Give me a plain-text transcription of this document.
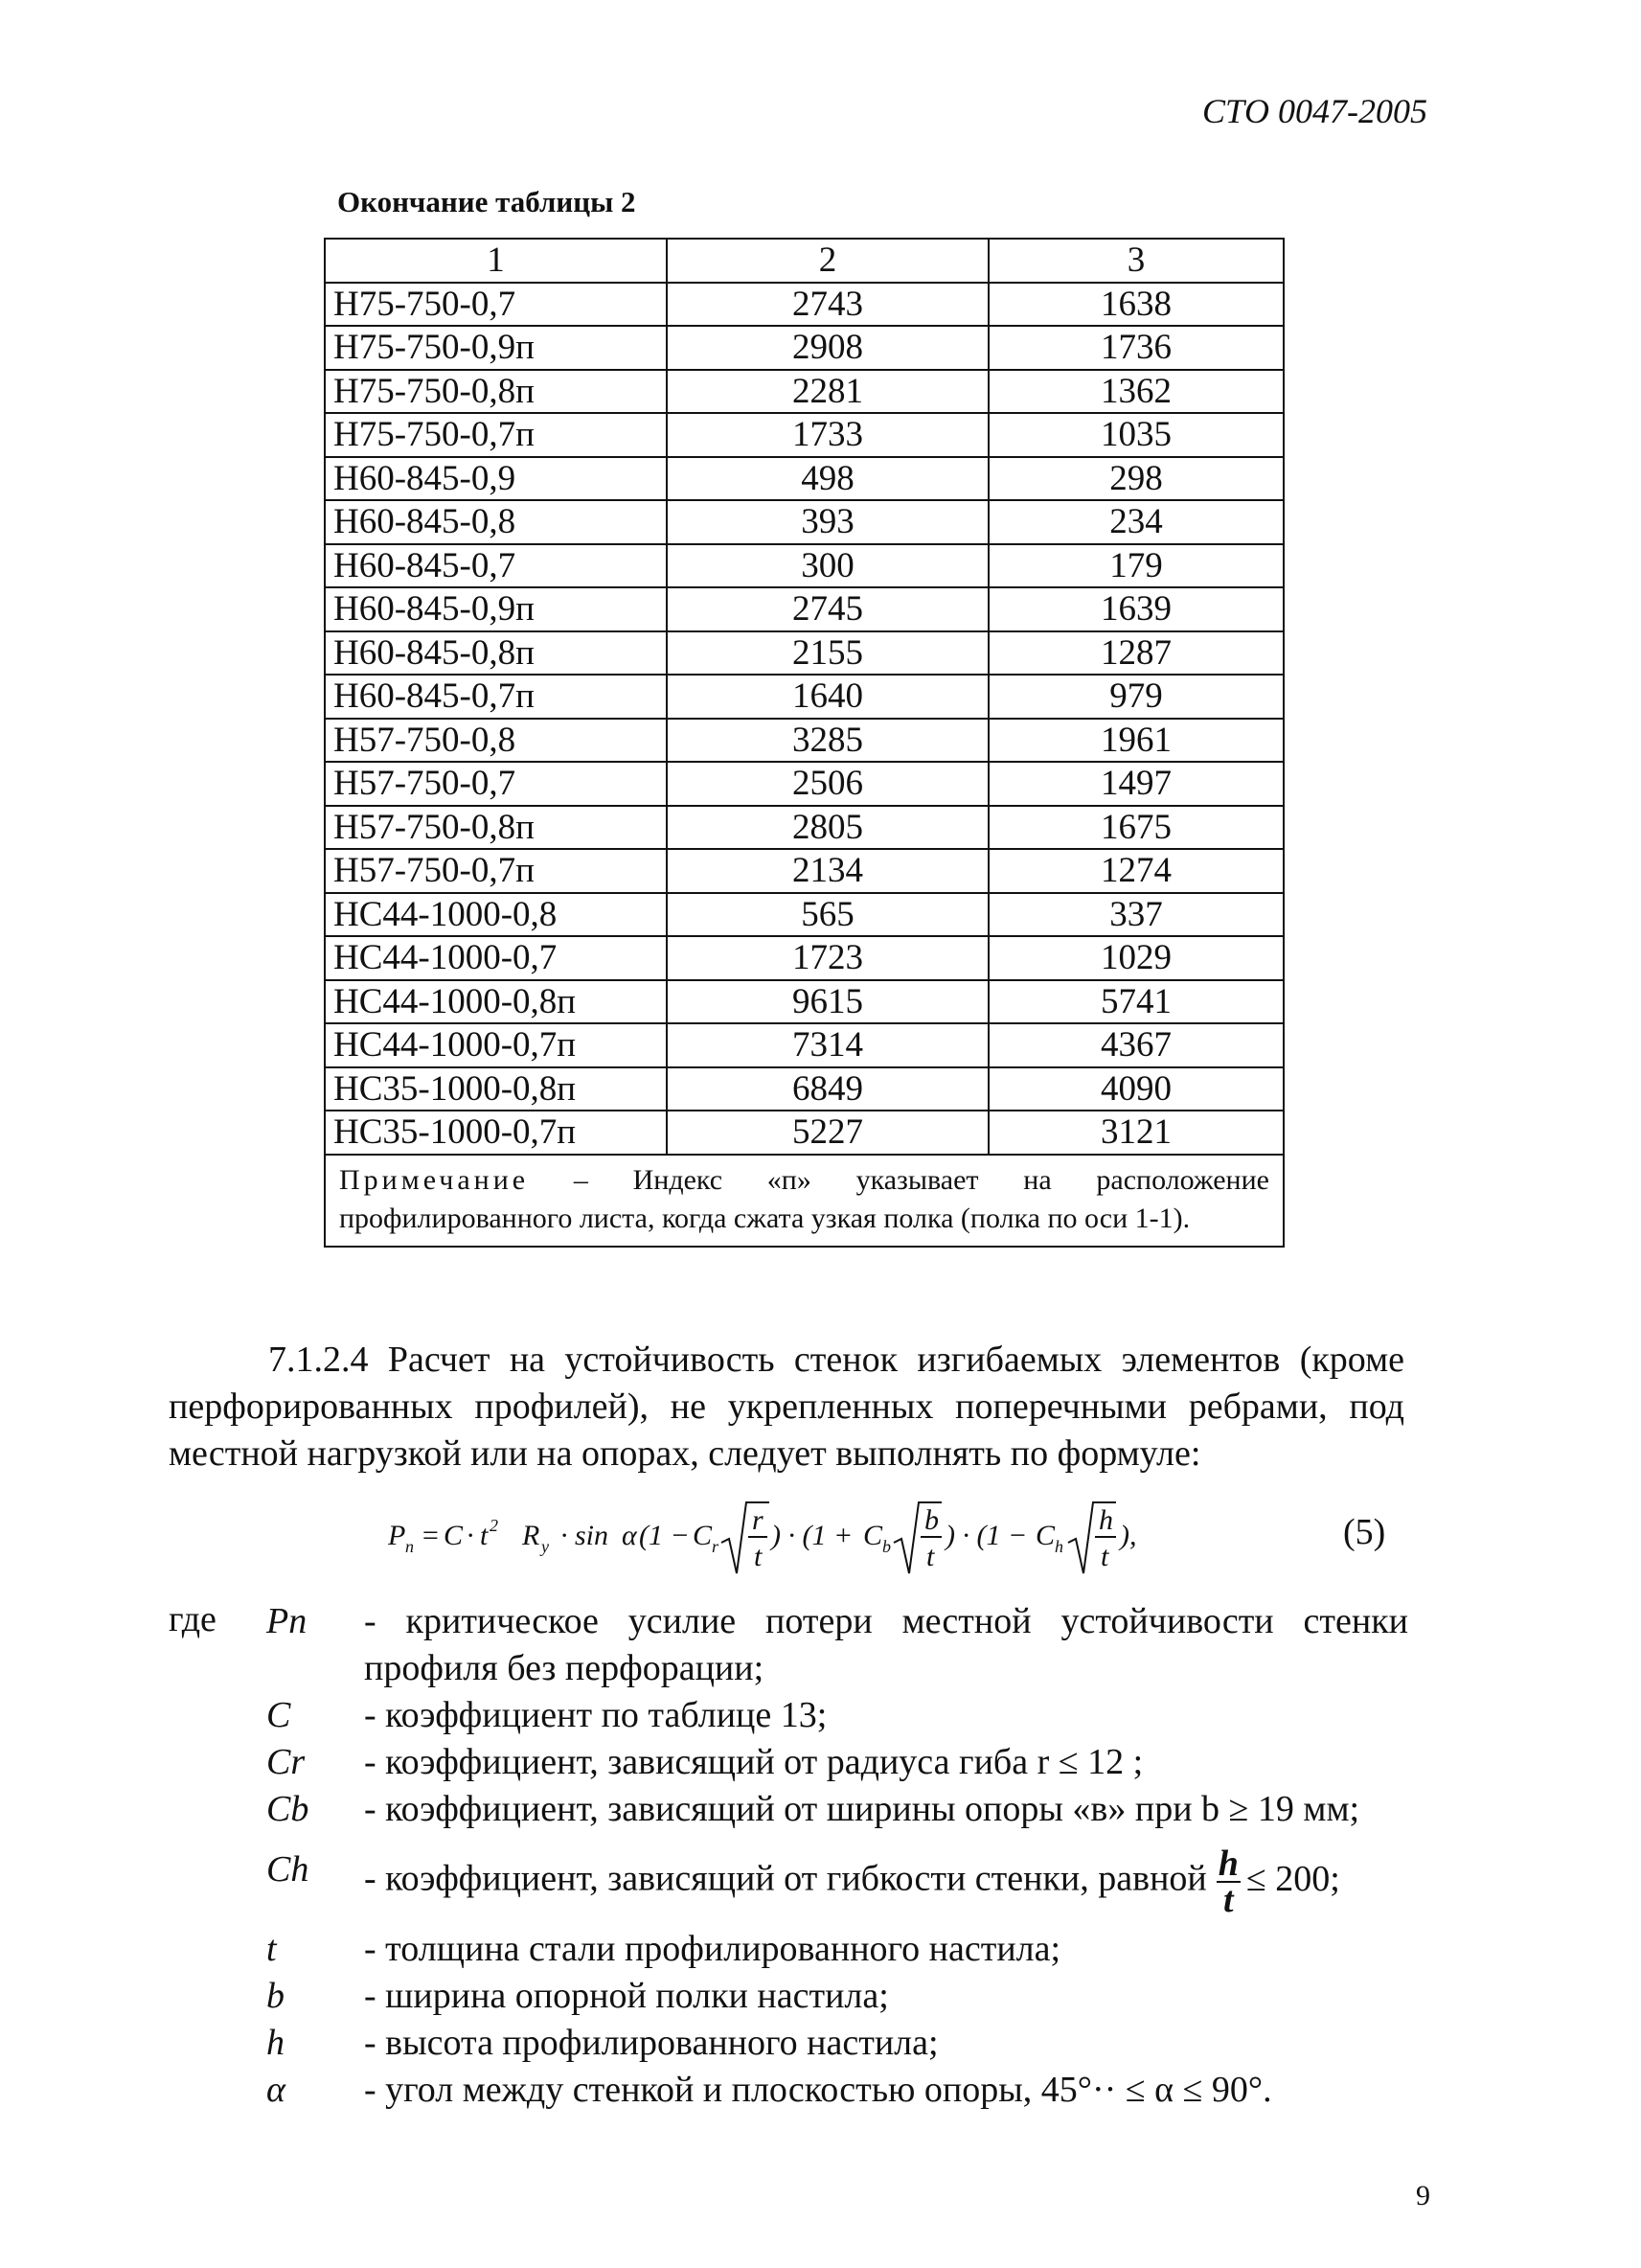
СТО 0047-2005
Окончание таблицы 2
1	2	3
Н75-750-0,7	2743	1638
Н75-750-0,9п	2908	1736
Н75-750-0,8п	2281	1362
Н75-750-0,7п	1733	1035
Н60-845-0,9	498	298
Н60-845-0,8	393	234
Н60-845-0,7	300	179
Н60-845-0,9п	2745	1639
Н60-845-0,8п	2155	1287
Н60-845-0,7п	1640	979
Н57-750-0,8	3285	1961
Н57-750-0,7	2506	1497
Н57-750-0,8п	2805	1675
Н57-750-0,7п	2134	1274
НС44-1000-0,8	565	337
НС44-1000-0,7	1723	1029
НС44-1000-0,8п	9615	5741
НС44-1000-0,7п	7314	4367
НС35-1000-0,8п	6849	4090
НС35-1000-0,7п	5227	3121
Примечание – Индекс «п» указывает на расположение профилированного листа, когда сжата узкая полка (полка по оси 1-1).		

7.1.2.4 Расчет на устойчивость стенок изгибаемых элементов (кроме перфорированных профилей), не укрепленных поперечными ребрами, под местной нагрузкой или на опорах, следует выполнять по формуле:

P n = C · t 2 R y · sin α (1 − C r
r
t
) · (1 + C b
b
t
) · (1 − C h
h
t
),	(5)
где Pn - критическое усилие потери местной устойчивости стенки профиля без перфорации;
C - коэффициент по таблице 13;
Cr - коэффициент, зависящий от радиуса гиба r ≤ 12 ;
Cb - коэффициент, зависящий от ширины опоры «в» при b ≥ 19 мм;
Ch - коэффициент, зависящий от гибкости стенки, равной $\frac{h}{t} \le 200$;
t - толщина стали профилированного настила;
b - ширина опорной полки настила;
h - высота профилированного настила;
α - угол между стенкой и плоскостью опоры, 45°·· ≤ α ≤ 90°.
9
